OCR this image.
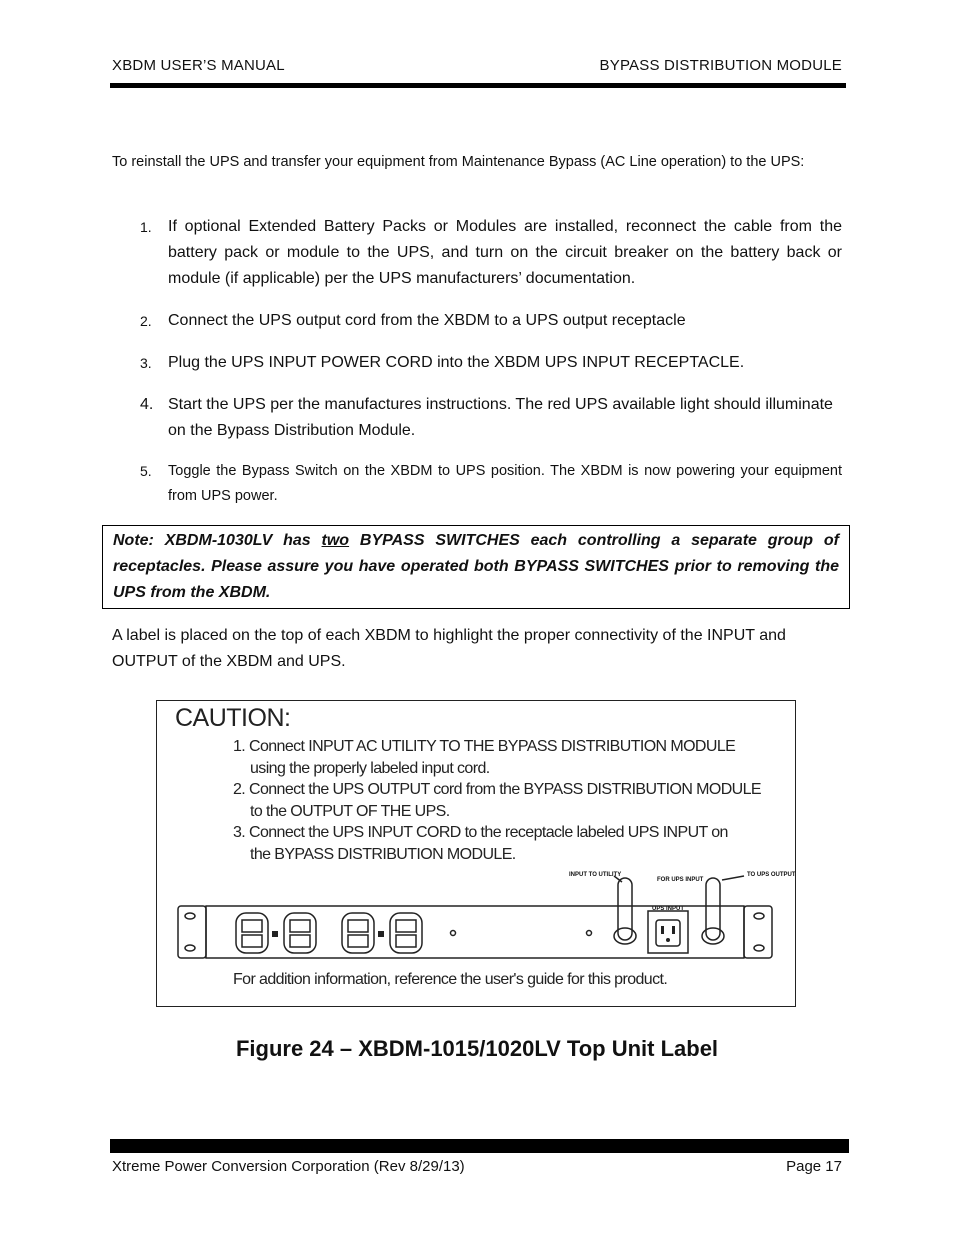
XBDM USER’S MANUAL	BYPASS DISTRIBUTION MODULE
To reinstall the UPS and transfer your equipment from Maintenance Bypass (AC Line operation) to the UPS:
1. If optional Extended Battery Packs or Modules are installed, reconnect the cable from the battery pack or module to the UPS, and turn on the circuit breaker on the battery back or module (if applicable) per the UPS manufacturers’ documentation.
2. Connect the UPS output cord from the XBDM to a UPS output receptacle
3. Plug the UPS INPUT POWER CORD into the XBDM UPS INPUT RECEPTACLE.
4. Start the UPS per the manufactures instructions. The red UPS available light should illuminate on the Bypass Distribution Module.
5. Toggle the Bypass Switch on the XBDM to UPS position. The XBDM is now powering your equipment from UPS power.
Note: XBDM-1030LV has two BYPASS SWITCHES each controlling a separate group of receptacles. Please assure you have operated both BYPASS SWITCHES prior to removing the UPS from the XBDM.
A label is placed on the top of each XBDM to highlight the proper connectivity of the INPUT and OUTPUT of the XBDM and UPS.
CAUTION:
1. Connect INPUT AC UTILITY TO THE BYPASS DISTRIBUTION MODULE
using the properly labeled input cord.
2. Connect the UPS OUTPUT cord from the BYPASS DISTRIBUTION MODULE
to the OUTPUT OF THE UPS.
3. Connect the UPS INPUT CORD to the receptacle labeled UPS INPUT on
the BYPASS DISTRIBUTION MODULE.
INPUT TO UTILITY
FOR UPS INPUT
TO UPS OUTPUT
UPS INPUT
For addition information, reference the user's guide for this product.
Figure 24 – XBDM-1015/1020LV Top Unit Label
Xtreme Power Conversion Corporation (Rev 8/29/13)	Page 17
